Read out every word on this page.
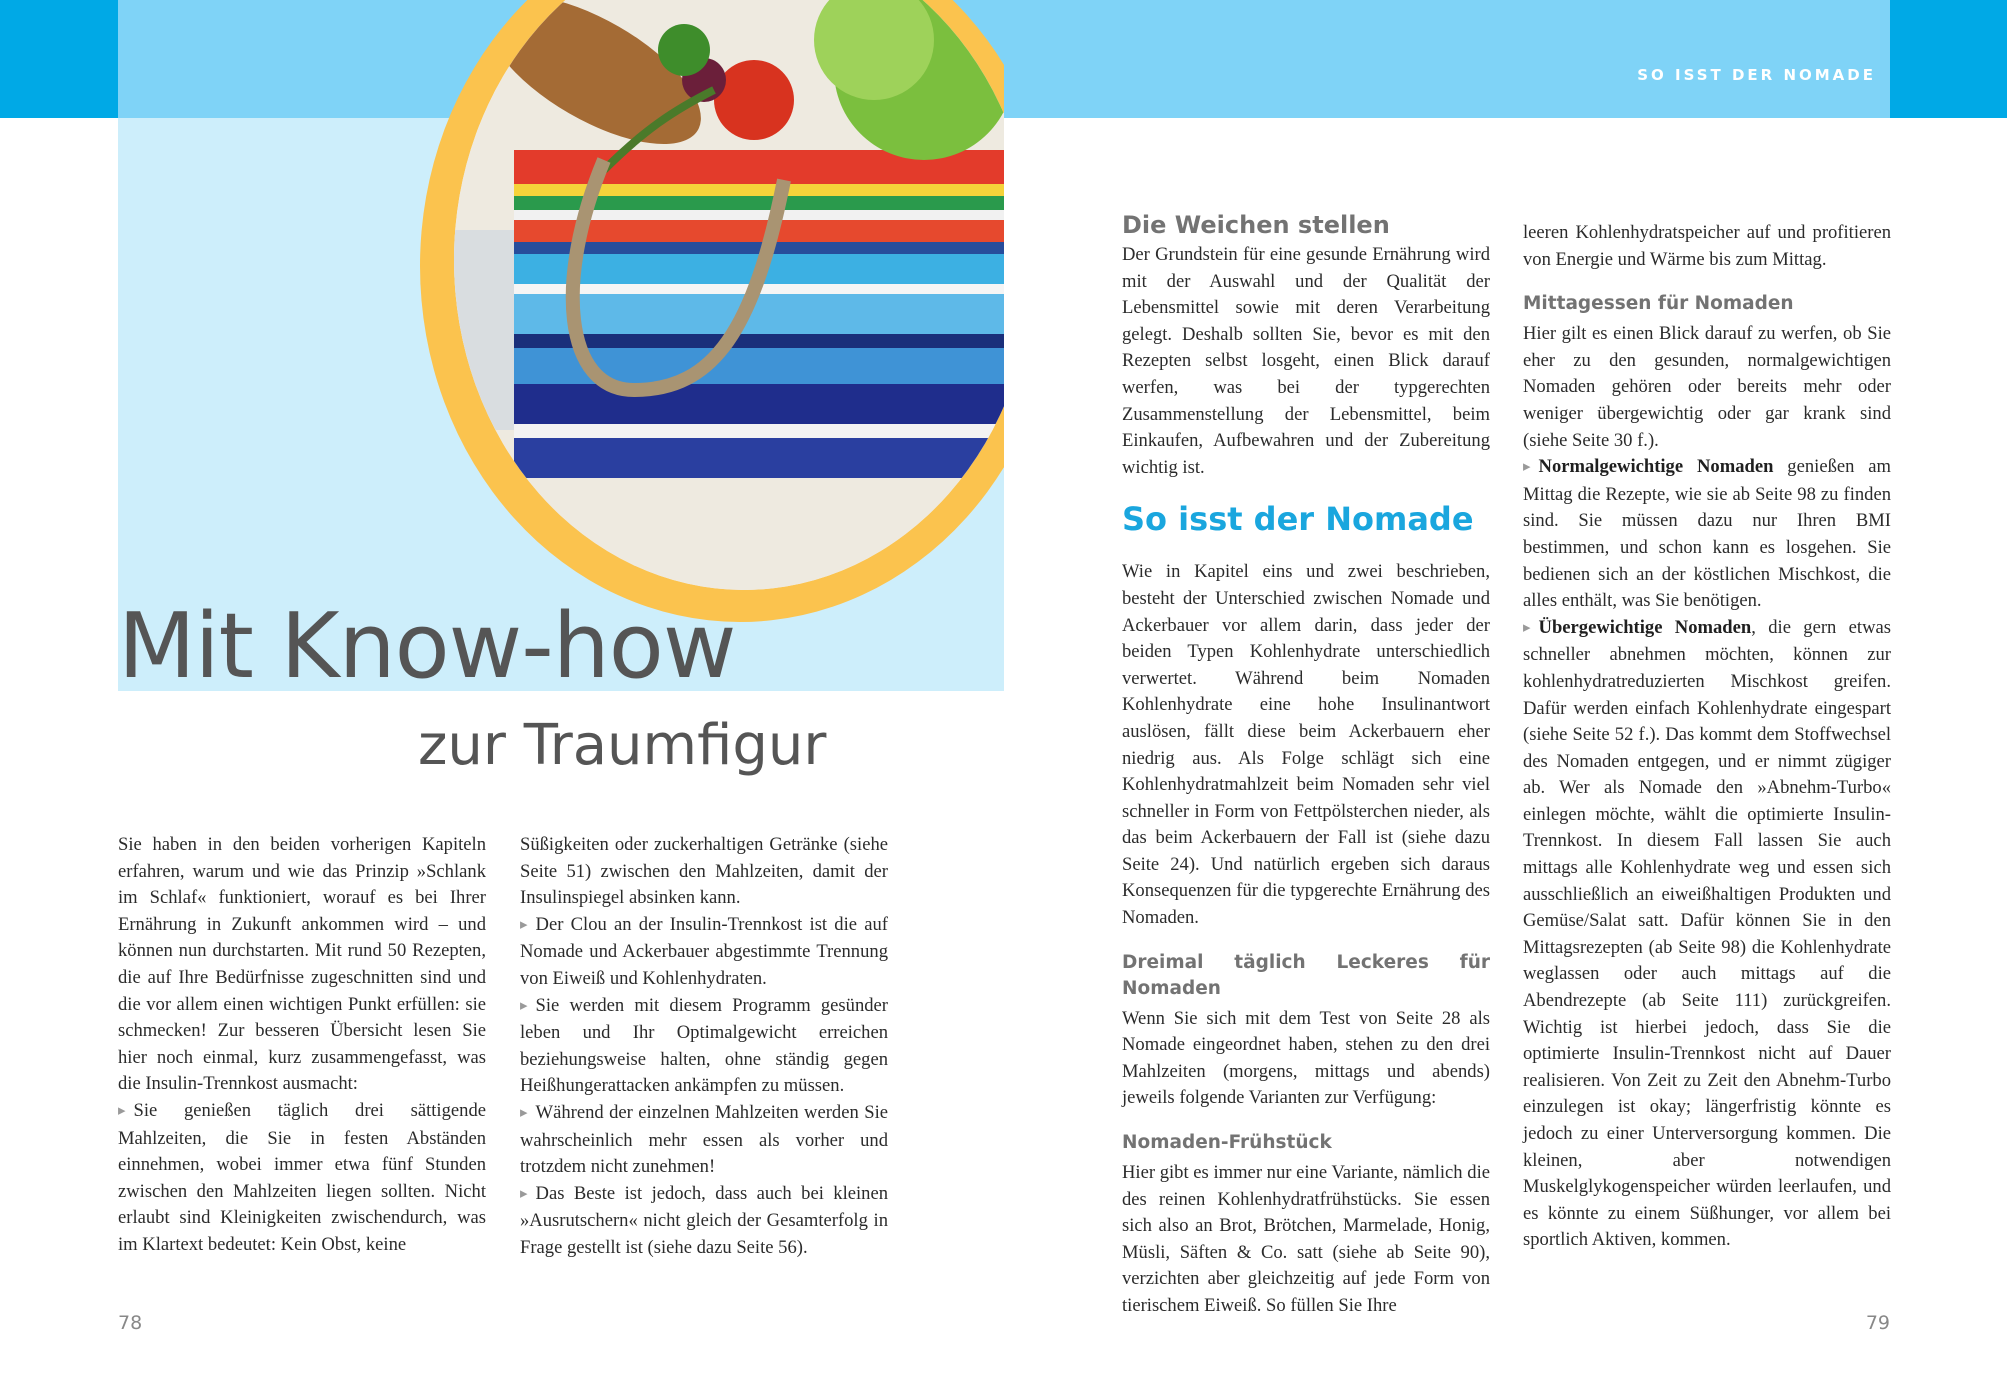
SO ISST DER NOMADE
Mit Know-how
zur Traumfigur

Sie haben in den beiden vorherigen Kapiteln erfahren, warum und wie das Prinzip »Schlank im Schlaf« funktioniert, worauf es bei Ihrer Ernährung in Zukunft ankommen wird – und können nun durchstarten. Mit rund 50 Rezepten, die auf Ihre Bedürfnisse zugeschnitten sind und die vor allem einen wichtigen Punkt erfüllen: sie schmecken! Zur besseren Übersicht lesen Sie hier noch einmal, kurz zusammengefasst, was die Insulin-Trennkost ausmacht:

▸ Sie genießen täglich drei sättigende Mahlzeiten, die Sie in festen Abständen einnehmen, wobei immer etwa fünf Stunden zwischen den Mahlzeiten liegen sollten. Nicht erlaubt sind Kleinigkeiten zwischendurch, was im Klartext bedeutet: Kein Obst, keine

Süßigkeiten oder zuckerhaltigen Getränke (siehe Seite 51) zwischen den Mahlzeiten, damit der Insulinspiegel absinken kann.

▸ Der Clou an der Insulin-Trennkost ist die auf Nomade und Ackerbauer abgestimmte Trennung von Eiweiß und Kohlenhydraten.

▸ Sie werden mit diesem Programm gesünder leben und Ihr Optimalgewicht erreichen beziehungsweise halten, ohne ständig gegen Heißhungerattacken ankämpfen zu müssen.

▸ Während der einzelnen Mahlzeiten werden Sie wahrscheinlich mehr essen als vorher und trotzdem nicht zunehmen!

▸ Das Beste ist jedoch, dass auch bei kleinen »Ausrutschern« nicht gleich der Gesamterfolg in Frage gestellt ist (siehe dazu Seite 56).

Die Weichen stellen

Der Grundstein für eine gesunde Ernährung wird mit der Auswahl und der Qualität der Lebensmittel sowie mit deren Verarbeitung gelegt. Deshalb sollten Sie, bevor es mit den Rezepten selbst losgeht, einen Blick darauf werfen, was bei der typgerechten Zusammenstellung der Lebensmittel, beim Einkaufen, Aufbewahren und der Zubereitung wichtig ist.

So isst der Nomade

Wie in Kapitel eins und zwei beschrieben, besteht der Unterschied zwischen Nomade und Ackerbauer vor allem darin, dass jeder der beiden Typen Kohlenhydrate unterschiedlich verwertet. Während beim Nomaden Kohlenhydrate eine hohe Insulinantwort auslösen, fällt diese beim Ackerbauern eher niedrig aus. Als Folge schlägt sich eine Kohlenhydratmahlzeit beim Nomaden sehr viel schneller in Form von Fettpölsterchen nieder, als das beim Ackerbauern der Fall ist (siehe dazu Seite 24). Und natürlich ergeben sich daraus Konsequenzen für die typgerechte Ernährung des Nomaden.

Dreimal täglich Leckeres für Nomaden

Wenn Sie sich mit dem Test von Seite 28 als Nomade eingeordnet haben, stehen zu den drei Mahlzeiten (morgens, mittags und abends) jeweils folgende Varianten zur Verfügung:

Nomaden-Frühstück

Hier gibt es immer nur eine Variante, nämlich die des reinen Kohlenhydratfrühstücks. Sie essen sich also an Brot, Brötchen, Marmelade, Honig, Müsli, Säften & Co. satt (siehe ab Seite 90), verzichten aber gleichzeitig auf jede Form von tierischem Eiweiß. So füllen Sie Ihre

leeren Kohlenhydratspeicher auf und profitieren von Energie und Wärme bis zum Mittag.

Mittagessen für Nomaden

Hier gilt es einen Blick darauf zu werfen, ob Sie eher zu den gesunden, normalgewichtigen Nomaden gehören oder bereits mehr oder weniger übergewichtig oder gar krank sind (siehe Seite 30 f.).

▸ Normalgewichtige Nomaden genießen am Mittag die Rezepte, wie sie ab Seite 98 zu finden sind. Sie müssen dazu nur Ihren BMI bestimmen, und schon kann es losgehen. Sie bedienen sich an der köstlichen Mischkost, die alles enthält, was Sie benötigen.

▸ Übergewichtige Nomaden, die gern etwas schneller abnehmen möchten, können zur kohlenhydratreduzierten Mischkost greifen. Dafür werden einfach Kohlenhydrate eingespart (siehe Seite 52 f.). Das kommt dem Stoffwechsel des Nomaden entgegen, und er nimmt zügiger ab. Wer als Nomade den »Abnehm-Turbo« einlegen möchte, wählt die optimierte Insulin-Trennkost. In diesem Fall lassen Sie auch mittags alle Kohlenhydrate weg und essen sich ausschließlich an eiweißhaltigen Produkten und Gemüse/Salat satt. Dafür können Sie in den Mittagsrezepten (ab Seite 98) die Kohlenhydrate weglassen oder auch mittags auf die Abendrezepte (ab Seite 111) zurückgreifen. Wichtig ist hierbei jedoch, dass Sie die optimierte Insulin-Trennkost nicht auf Dauer realisieren. Von Zeit zu Zeit den Abnehm-Turbo einzulegen ist okay; längerfristig könnte es jedoch zu einer Unterversorgung kommen. Die kleinen, aber notwendigen Muskelglykogenspeicher würden leerlaufen, und es könnte zu einem Süßhunger, vor allem bei sportlich Aktiven, kommen.

78	79
